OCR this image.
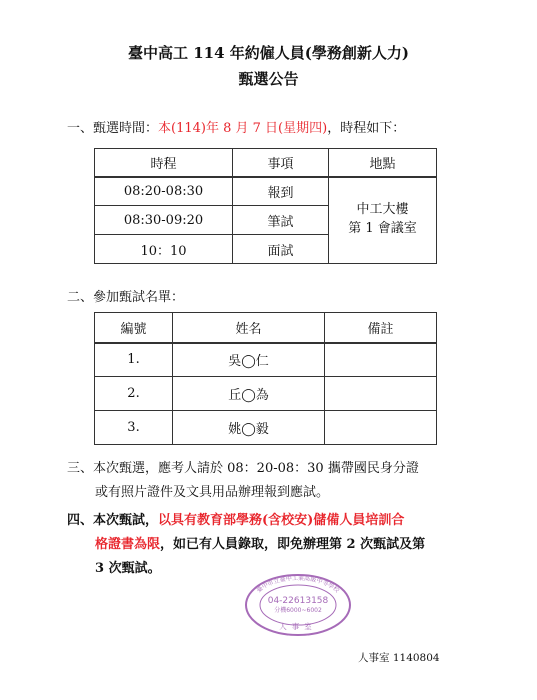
臺中高工 114 年約僱人員(學務創新人力)
甄選公告
一、甄選時間：本(114)年 8 月 7 日(星期四)，時程如下：
時程	事項	地點
08:20-08:30	報到	中工大樓
第 1 會議室

08:30-09:20	筆試	
10：10	面試	
二、參加甄試名單：
編號	姓名	備註
1.	吳◯仁	
2.	丘◯為	
3.	姚◯毅	
三、本次甄選，應考人請於 08：20-08：30 攜帶國民身分證
或有照片證件及文具用品辦理報到應試。
四、本次甄試，以具有教育部學務(含校安)儲備人員培訓合
格證書為限，如已有人員錄取，即免辦理第 2 次甄試及第
3 次甄試。
臺中市立臺中工業高級中等學校
04-22613158
分機6000~6002
人事室
人事室 1140804
